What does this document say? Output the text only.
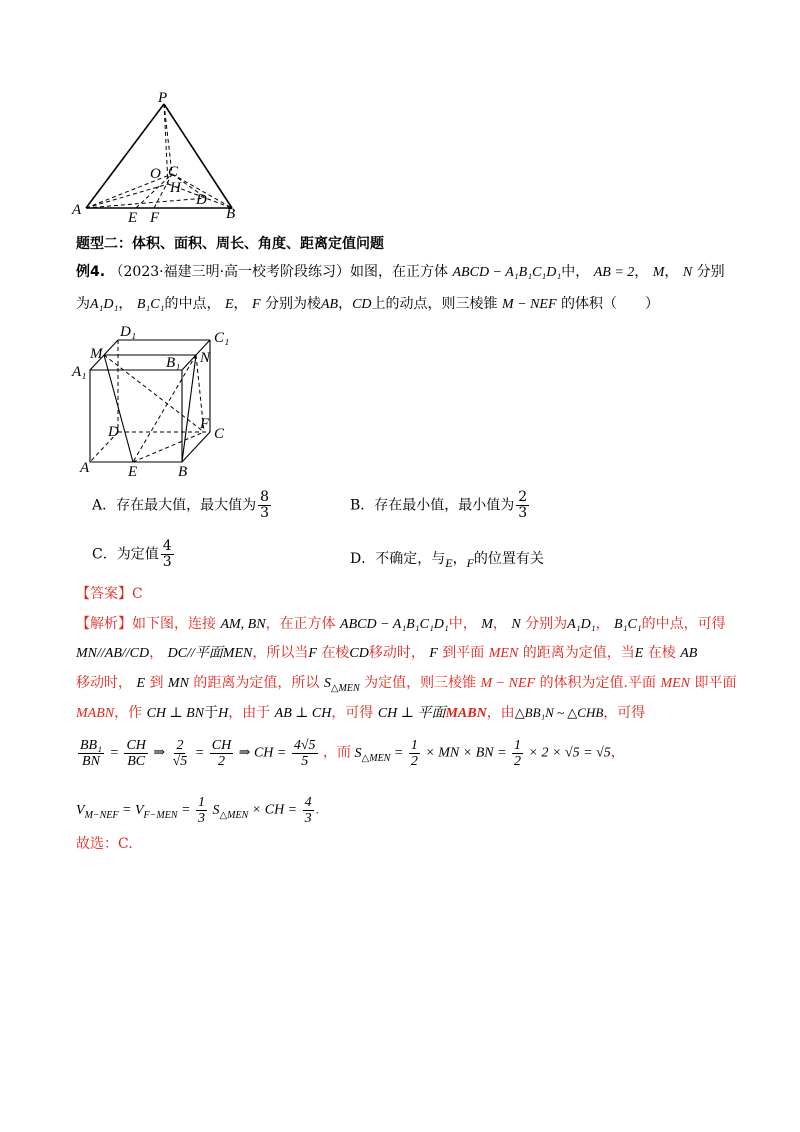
P
O C
H
D
A	B
E F
题型二：体积、面积、周长、角度、距离定值问题
例4. （2023·福建三明·高一校考阶段练习）如图，在正方体 ABCD − A₁B₁C₁D₁中， AB = 2， M， N 分别
为A₁D₁， B₁C₁的中点， E， F 分别为棱AB，CD上的动点，则三棱锥 M − NEF 的体积（　　）
D₁	C₁
M	N
A₁
B₁
D	F
C
A	E	B
A．存在最大值，最大值为 $\frac{8}{3}$	B．存在最小值，最小值为 $\frac{2}{3}$
C．为定值 $\frac{4}{3}$	D．不确定，与E，F的位置有关
【答案】C
【解析】如下图，连接 AM, BN，在正方体 ABCD − A₁B₁C₁D₁中， M， N 分别为A₁D₁， B₁C₁的中点，可得
MN//AB//CD， DC//平面MEN，所以当F 在棱CD移动时， F 到平面 MEN 的距离为定值，当E 在棱 AB
移动时， E 到 MN 的距离为定值，所以 $S_{\triangle MEN}$ 为定值，则三棱锥 M − NEF 的体积为定值.平面 MEN 即平面
MABN，作 CH ⊥ BN于H，由于 AB ⊥ CH，可得 CH ⊥ 平面MABN，由△BB₁N ~ △CHB，可得
$\frac{\text{BB₁}}{BN} = \frac{CH}{BC}$ ⇒ $\frac{2}{√5} = \frac{CH}{2}$ ⇒ CH = $\frac{4√5}{5}$ ，而 $S_{\triangle MEN} = \frac{1}{2}$ × MN × BN = $\frac{1}{2} \times 2 \times √5 = √5$，
$V_{M-NEF} = V_{F-MEN} = \frac{1}{3} S_{\triangle MEN}$ × CH = $\frac{4}{3}$ .
故选：C.
